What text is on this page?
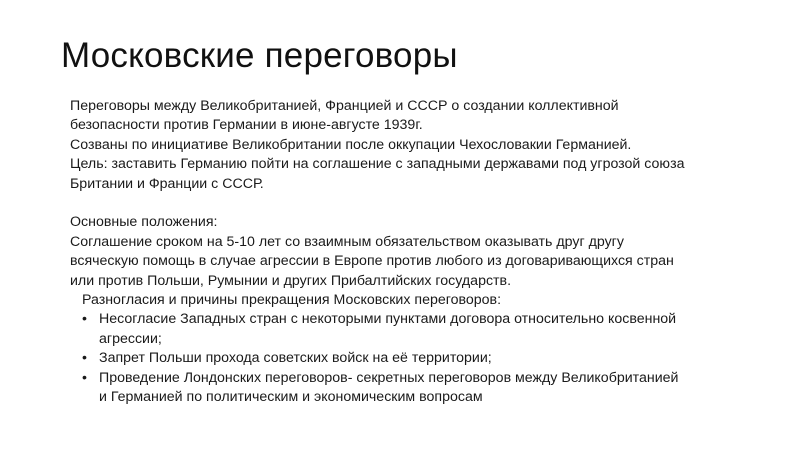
Московские переговоры

Переговоры между Великобританией, Францией и СССР о создании коллективной безопасности против Германии в июне-августе 1939г.

Созваны по инициативе Великобритании после оккупации Чехословакии Германией.

Цель: заставить Германию пойти на соглашение с западными державами под угрозой союза Британии и Франции с СССР.

Основные положения:

Соглашение сроком на 5-10 лет со взаимным обязательством оказывать друг другу всяческую помощь в случае агрессии в Европе против любого из договаривающихся стран или против Польши, Румынии и других Прибалтийских государств.

Разногласия и причины прекращения Московских переговоров:

• Несогласие Западных стран с некоторыми пунктами договора относительно косвенной агрессии;
• Запрет Польши прохода советских войск на её территории;
• Проведение Лондонских переговоров- секретных переговоров между Великобританией и Германией по политическим и экономическим вопросам
